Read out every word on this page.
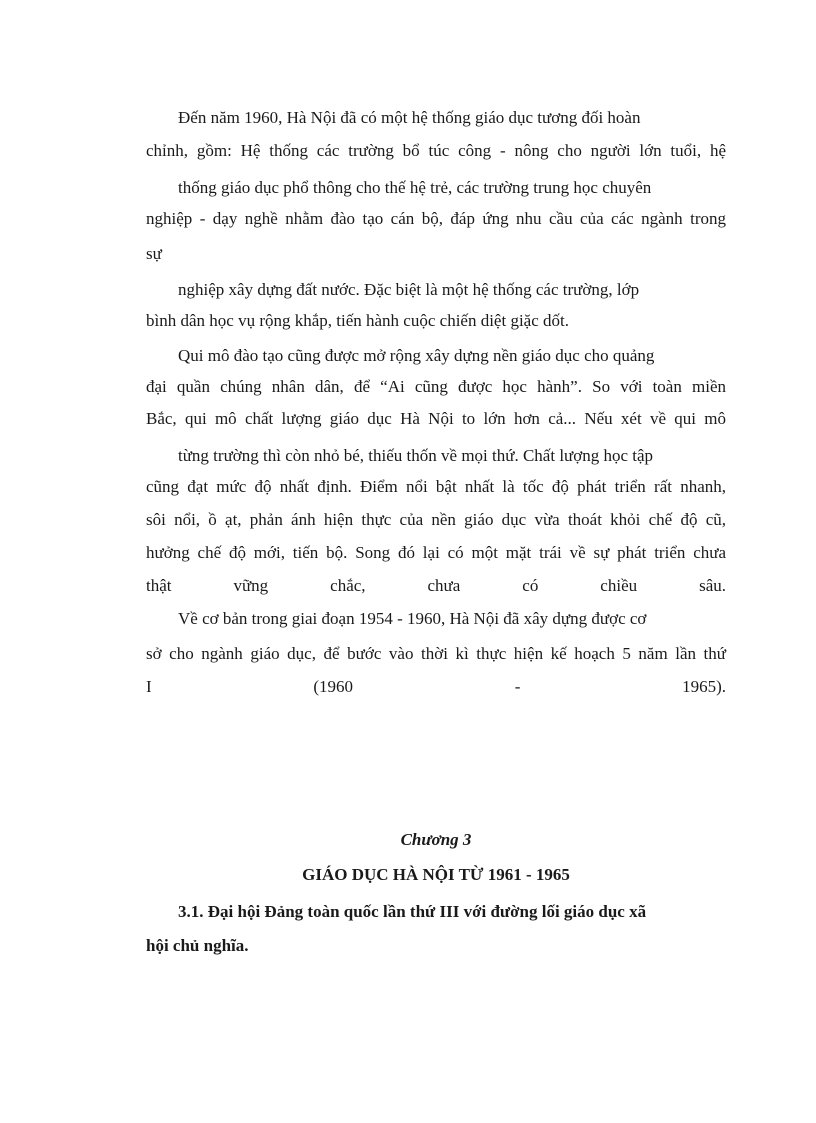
Đến năm 1960, Hà Nội đã có một hệ thống giáo dục tương đối hoàn
chỉnh, gồm: Hệ thống các trường bổ túc công - nông cho người lớn tuổi, hệ
thống giáo dục phổ thông cho thế hệ trẻ, các trường trung học chuyên
nghiệp - dạy nghề nhằm đào tạo cán bộ, đáp ứng nhu cầu của các ngành trong
sự
nghiệp xây dựng đất nước. Đặc biệt là một hệ thống các trường, lớp
bình dân học vụ rộng khắp, tiến hành cuộc chiến diệt giặc dốt.
Qui mô đào tạo cũng được mở rộng xây dựng nền giáo dục cho quảng
đại quần chúng nhân dân, để “Ai cũng được học hành”. So với toàn miền
Bắc, qui mô chất lượng giáo dục Hà Nội to lớn hơn cả... Nếu xét về qui mô
từng trường thì còn nhỏ bé, thiếu thốn về mọi thứ. Chất lượng học tập
cũng đạt mức độ nhất định. Điểm nổi bật nhất là tốc độ phát triển rất nhanh,
sôi nổi, ồ ạt, phản ánh hiện thực của nền giáo dục vừa thoát khỏi chế độ cũ,
hưởng chế độ mới, tiến bộ. Song đó lại có một mặt trái về sự phát triển chưa
thật vững chắc, chưa có chiều sâu.
Về cơ bản trong giai đoạn 1954 - 1960, Hà Nội đã xây dựng được cơ
sở cho ngành giáo dục, để bước vào thời kì thực hiện kế hoạch 5 năm lần thứ
I (1960 - 1965).
Chương 3
GIÁO DỤC HÀ NỘI TỪ 1961 - 1965
3.1. Đại hội Đảng toàn quốc lần thứ III với đường lối giáo dục xã
hội chủ nghĩa.
